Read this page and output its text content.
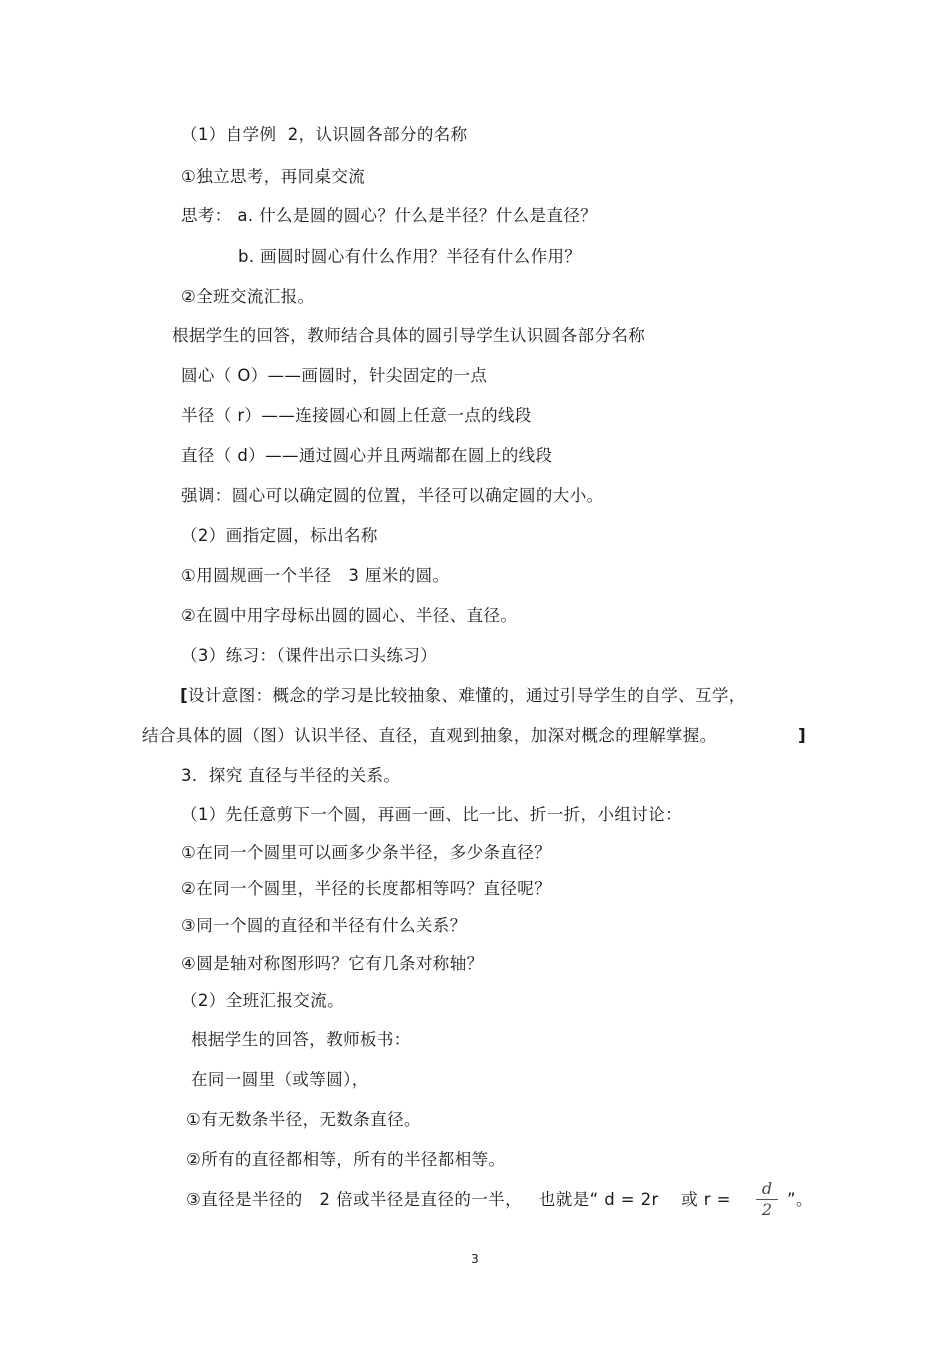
（1）自学例  2，认识圆各部分的名称
①独立思考，再同桌交流
思考： a. 什么是圆的圆心？什么是半径？什么是直径？
b. 画圆时圆心有什么作用？半径有什么作用？
②全班交流汇报。
根据学生的回答，教师结合具体的圆引导学生认识圆各部分名称
圆心（ O）——画圆时，针尖固定的一点
半径（ r）——连接圆心和圆上任意一点的线段
直径（ d）——通过圆心并且两端都在圆上的线段
强调：圆心可以确定圆的位置，半径可以确定圆的大小。
（2）画指定圆，标出名称
①用圆规画一个半径   3 厘米的圆。
②在圆中用字母标出圆的圆心、半径、直径。
（3）练习：（课件出示口头练习）
[ 设计意图：概念的学习是比较抽象、难懂的，通过引导学生的自学、互学，
结合具体的圆（图）认识半径、直径，直观到抽象，加深对概念的理解掌握。	]
3．探究 直径与半径的关系。
（1）先任意剪下一个圆，再画一画、比一比、折一折，小组讨论：
①在同一个圆里可以画多少条半径，多少条直径？
②在同一个圆里，半径的长度都相等吗？直径呢？
③同一个圆的直径和半径有什么关系？
④圆是轴对称图形吗？它有几条对称轴？
（2）全班汇报交流。
根据学生的回答，教师板书：
在同一圆里（或等圆），
①有无数条半径，无数条直径。
②所有的直径都相等，所有的半径都相等。
③直径是半径的   2 倍或半径是直径的一半，   也就是“ d = 2r    或 r =
d
2
”。
3
